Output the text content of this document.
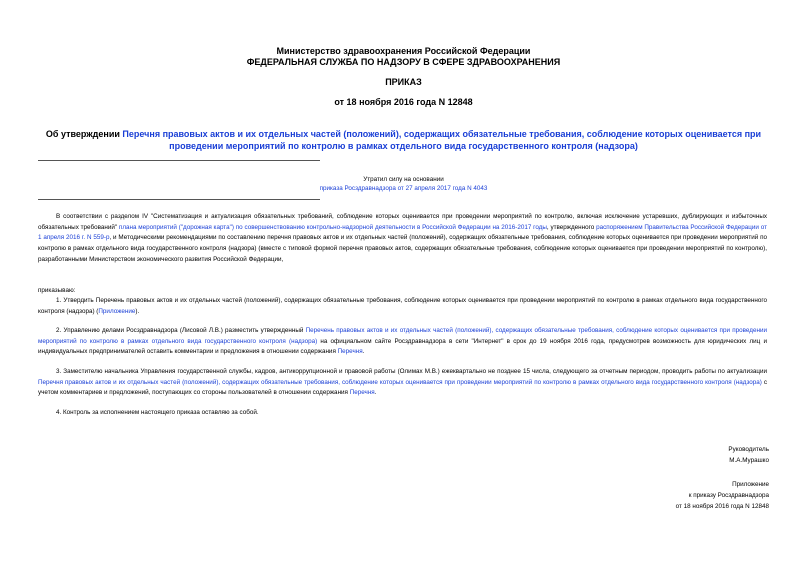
Министерство здравоохранения Российской Федерации
ФЕДЕРАЛЬНАЯ СЛУЖБА ПО НАДЗОРУ В СФЕРЕ ЗДРАВООХРАНЕНИЯ
ПРИКАЗ
от 18 ноября 2016 года N 12848
Об утверждении Перечня правовых актов и их отдельных частей (положений), содержащих обязательные требования, соблюдение которых оценивается при проведении мероприятий по контролю в рамках отдельного вида государственного контроля (надзора)
Утратил силу на основании
приказа Росздравнадзора от 27 апреля 2017 года N 4043
В соответствии с разделом IV "Систематизация и актуализация обязательных требований, соблюдение которых оценивается при проведении мероприятий по контролю, включая исключение устаревших, дублирующих и избыточных обязательных требований" плана мероприятий ("дорожная карта") по совершенствованию контрольно-надзорной деятельности в Российской Федерации на 2016-2017 годы, утвержденного распоряжением Правительства Российской Федерации от 1 апреля 2016 г. N 559-р, и Методическими рекомендациями по составлению перечня правовых актов и их отдельных частей (положений), содержащих обязательные требования, соблюдение которых оценивается при проведении мероприятий по контролю в рамках отдельного вида государственного контроля (надзора) (вместе с типовой формой перечня правовых актов, содержащих обязательные требования, соблюдение которых оценивается при проведении мероприятий по контролю), разработанными Министерством экономического развития Российской Федерации,
приказываю:
1. Утвердить Перечень правовых актов и их отдельных частей (положений), содержащих обязательные требования, соблюдение которых оценивается при проведении мероприятий по контролю в рамках отдельного вида государственного контроля (надзора) (Приложение).
2. Управлению делами Росздравнадзора (Лисовой Л.В.) разместить утвержденный Перечень правовых актов и их отдельных частей (положений), содержащих обязательные требования, соблюдение которых оценивается при проведении мероприятий по контролю в рамках отдельного вида государственного контроля (надзора) на официальном сайте Росздравнадзора в сети "Интернет" в срок до 19 ноября 2016 года, предусмотрев возможность для юридических лиц и индивидуальных предпринимателей оставить комментарии и предложения в отношении содержания Перечня.
3. Заместителю начальника Управления государственной службы, кадров, антикоррупционной и правовой работы (Олимах М.В.) ежеквартально не позднее 15 числа, следующего за отчетным периодом, проводить работы по актуализации Перечня правовых актов и их отдельных частей (положений), содержащих обязательные требования, соблюдение которых оценивается при проведении мероприятий по контролю в рамках отдельного вида государственного контроля (надзора) с учетом комментариев и предложений, поступающих со стороны пользователей в отношении содержания Перечня.
4. Контроль за исполнением настоящего приказа оставляю за собой.
Руководитель
М.А.Мурашко
Приложение
к приказу Росздравнадзора
от 18 ноября 2016 года N 12848
